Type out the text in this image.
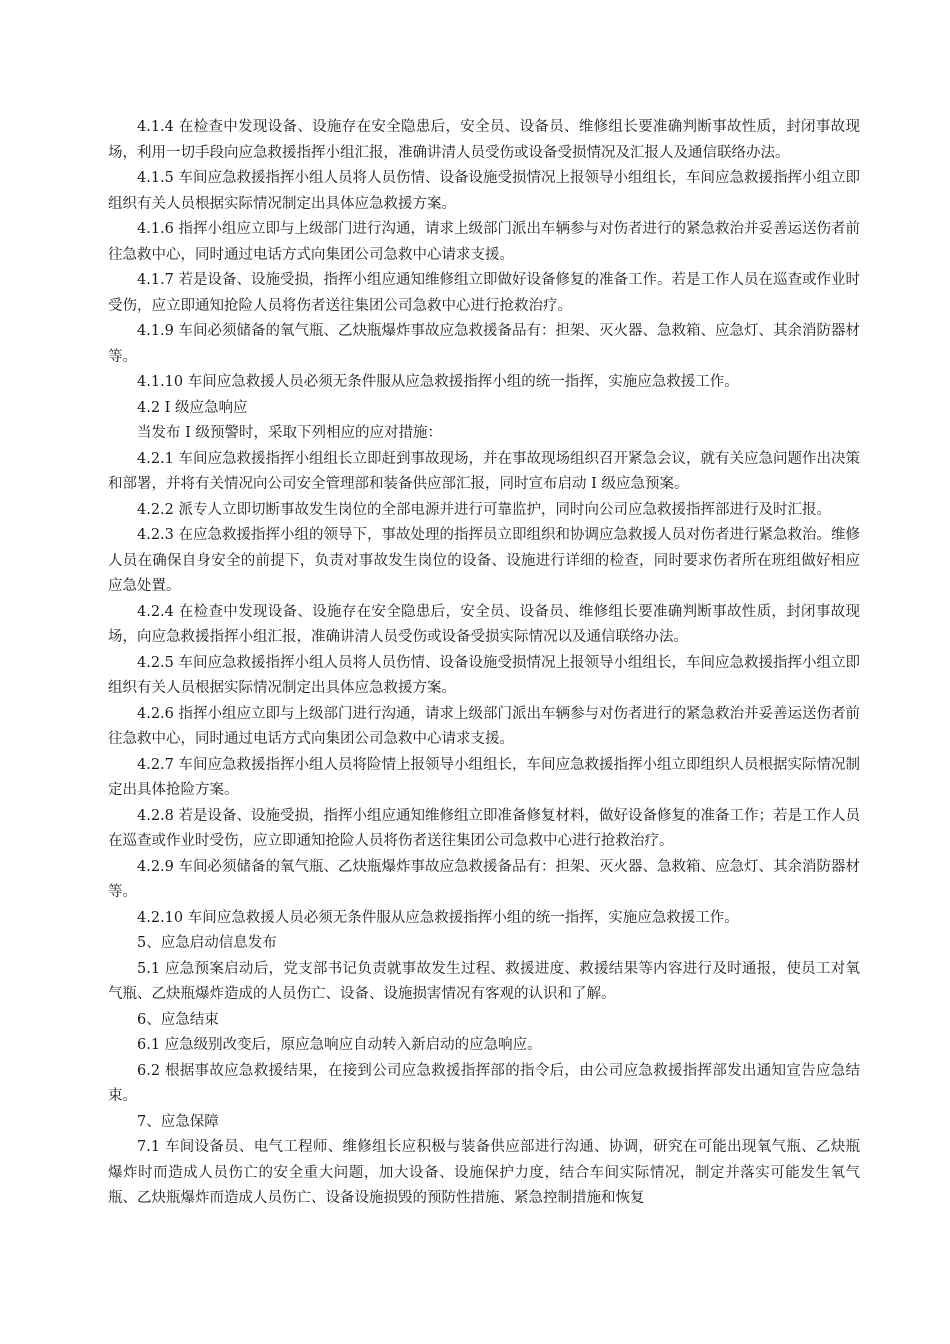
4.1.4 在检查中发现设备、设施存在安全隐患后，安全员、设备员、维修组长要准确判断事故性质，封闭事故现场，利用一切手段向应急救援指挥小组汇报，准确讲清人员受伤或设备受损情况及汇报人及通信联络办法。

4.1.5 车间应急救援指挥小组人员将人员伤情、设备设施受损情况上报领导小组组长，车间应急救援指挥小组立即组织有关人员根据实际情况制定出具体应急救援方案。

4.1.6 指挥小组应立即与上级部门进行沟通，请求上级部门派出车辆参与对伤者进行的紧急救治并妥善运送伤者前往急救中心，同时通过电话方式向集团公司急救中心请求支援。

4.1.7 若是设备、设施受损，指挥小组应通知维修组立即做好设备修复的准备工作。若是工作人员在巡查或作业时受伤，应立即通知抢险人员将伤者送往集团公司急救中心进行抢救治疗。

4.1.9 车间必须储备的氧气瓶、乙炔瓶爆炸事故应急救援备品有：担架、灭火器、急救箱、应急灯、其余消防器材等。

4.1.10 车间应急救援人员必须无条件服从应急救援指挥小组的统一指挥，实施应急救援工作。

4.2 I 级应急响应

当发布 I 级预警时，采取下列相应的应对措施：

4.2.1 车间应急救援指挥小组组长立即赶到事故现场，并在事故现场组织召开紧急会议，就有关应急问题作出决策和部署，并将有关情况向公司安全管理部和装备供应部汇报，同时宣布启动 I 级应急预案。

4.2.2 派专人立即切断事故发生岗位的全部电源并进行可靠监护，同时向公司应急救援指挥部进行及时汇报。

4.2.3 在应急救援指挥小组的领导下，事故处理的指挥员立即组织和协调应急救援人员对伤者进行紧急救治。维修人员在确保自身安全的前提下，负责对事故发生岗位的设备、设施进行详细的检查，同时要求伤者所在班组做好相应应急处置。

4.2.4 在检查中发现设备、设施存在安全隐患后，安全员、设备员、维修组长要准确判断事故性质，封闭事故现场，向应急救援指挥小组汇报，准确讲清人员受伤或设备受损实际情况以及通信联络办法。

4.2.5 车间应急救援指挥小组人员将人员伤情、设备设施受损情况上报领导小组组长，车间应急救援指挥小组立即组织有关人员根据实际情况制定出具体应急救援方案。

4.2.6 指挥小组应立即与上级部门进行沟通，请求上级部门派出车辆参与对伤者进行的紧急救治并妥善运送伤者前往急救中心，同时通过电话方式向集团公司急救中心请求支援。

4.2.7 车间应急救援指挥小组人员将险情上报领导小组组长，车间应急救援指挥小组立即组织人员根据实际情况制定出具体抢险方案。

4.2.8 若是设备、设施受损，指挥小组应通知维修组立即准备修复材料，做好设备修复的准备工作；若是工作人员在巡查或作业时受伤，应立即通知抢险人员将伤者送往集团公司急救中心进行抢救治疗。

4.2.9 车间必须储备的氧气瓶、乙炔瓶爆炸事故应急救援备品有：担架、灭火器、急救箱、应急灯、其余消防器材等。

4.2.10 车间应急救援人员必须无条件服从应急救援指挥小组的统一指挥，实施应急救援工作。

5、应急启动信息发布

5.1 应急预案启动后，党支部书记负责就事故发生过程、救援进度、救援结果等内容进行及时通报，使员工对氧气瓶、乙炔瓶爆炸造成的人员伤亡、设备、设施损害情况有客观的认识和了解。

6、应急结束

6.1 应急级别改变后，原应急响应自动转入新启动的应急响应。

6.2 根据事故应急救援结果，在接到公司应急救援指挥部的指令后，由公司应急救援指挥部发出通知宣告应急结束。

7、应急保障

7.1 车间设备员、电气工程师、维修组长应积极与装备供应部进行沟通、协调，研究在可能出现氧气瓶、乙炔瓶爆炸时而造成人员伤亡的安全重大问题，加大设备、设施保护力度，结合车间实际情况，制定并落实可能发生氧气瓶、乙炔瓶爆炸而造成人员伤亡、设备设施损毁的预防性措施、紧急控制措施和恢复
